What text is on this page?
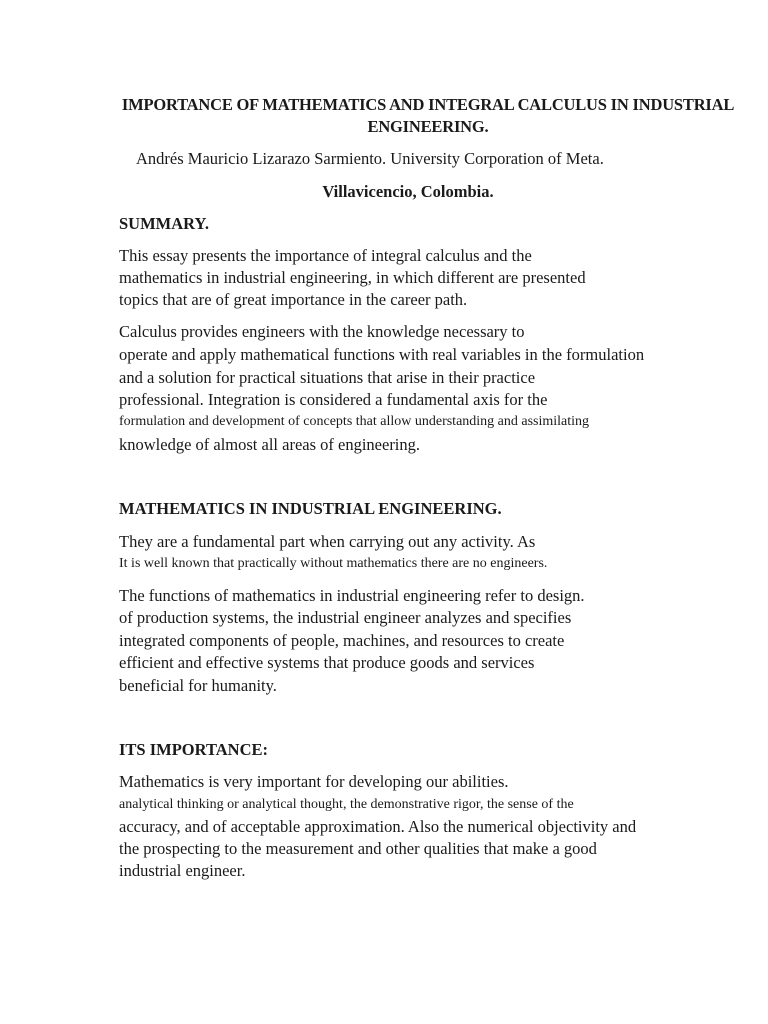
IMPORTANCE OF MATHEMATICS AND INTEGRAL CALCULUS IN INDUSTRIAL ENGINEERING.
Andrés Mauricio Lizarazo Sarmiento. University Corporation of Meta.
Villavicencio, Colombia.
SUMMARY.
This essay presents the importance of integral calculus and the
mathematics in industrial engineering, in which different are presented
topics that are of great importance in the career path.
Calculus provides engineers with the knowledge necessary to
operate and apply mathematical functions with real variables in the formulation
and a solution for practical situations that arise in their practice
professional. Integration is considered a fundamental axis for the
formulation and development of concepts that allow understanding and assimilating
knowledge of almost all areas of engineering.
MATHEMATICS IN INDUSTRIAL ENGINEERING.
They are a fundamental part when carrying out any activity. As
It is well known that practically without mathematics there are no engineers.
The functions of mathematics in industrial engineering refer to design.
of production systems, the industrial engineer analyzes and specifies
integrated components of people, machines, and resources to create
efficient and effective systems that produce goods and services
beneficial for humanity.
ITS IMPORTANCE:
Mathematics is very important for developing our abilities.
analytical thinking or analytical thought, the demonstrative rigor, the sense of the
accuracy, and of acceptable approximation. Also the numerical objectivity and
the prospecting to the measurement and other qualities that make a good
industrial engineer.
